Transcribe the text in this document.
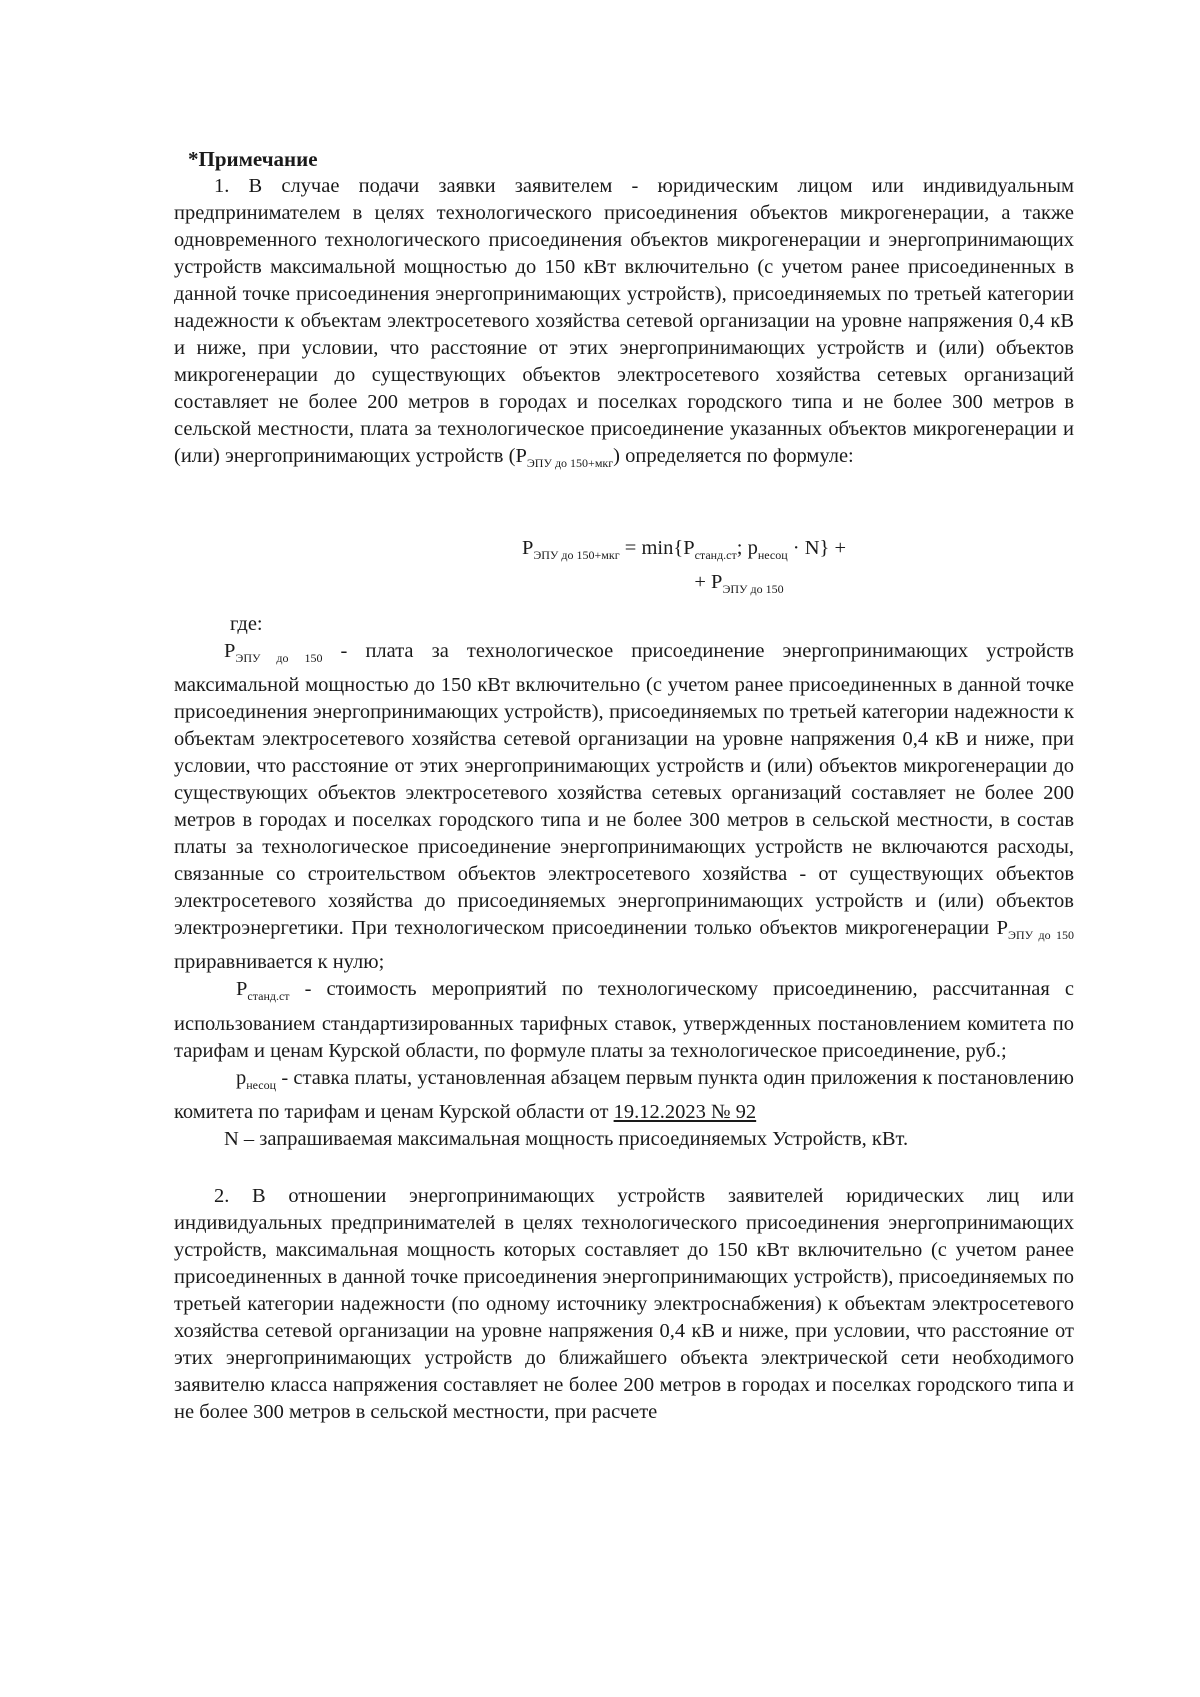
*Примечание

1. В случае подачи заявки заявителем - юридическим лицом или индивидуальным предпринимателем в целях технологического присоединения объектов микрогенерации, а также одновременного технологического присоединения объектов микрогенерации и энергопринимающих устройств максимальной мощностью до 150 кВт включительно (с учетом ранее присоединенных в данной точке присоединения энергопринимающих устройств), присоединяемых по третьей категории надежности к объектам электросетевого хозяйства сетевой организации на уровне напряжения 0,4 кВ и ниже, при условии, что расстояние от этих энергопринимающих устройств и (или) объектов микрогенерации до существующих объектов электросетевого хозяйства сетевых организаций составляет не более 200 метров в городах и поселках городского типа и не более 300 метров в сельской местности, плата за технологическое присоединение указанных объектов микрогенерации и (или) энергопринимающих устройств $(Р_{ЭПУ до 150+мкг})$ определяется по формуле:

$Р_{ЭПУ до 150+мкг} = \min\{Р_{станд.ст}$; $р_{несоц} \cdot N$} +
+ $Р_{ЭПУ до 150}$
где:

$Р_{ЭПУ до 150}$ - плата за технологическое присоединение энергопринимающих устройств максимальной мощностью до 150 кВт включительно (с учетом ранее присоединенных в данной точке присоединения энергопринимающих устройств), присоединяемых по третьей категории надежности к объектам электросетевого хозяйства сетевой организации на уровне напряжения 0,4 кВ и ниже, при условии, что расстояние от этих энергопринимающих устройств и (или) объектов микрогенерации до существующих объектов электросетевого хозяйства сетевых организаций составляет не более 200 метров в городах и поселках городского типа и не более 300 метров в сельской местности, в состав платы за технологическое присоединение энергопринимающих устройств не включаются расходы, связанные со строительством объектов электросетевого хозяйства - от существующих объектов электросетевого хозяйства до присоединяемых энергопринимающих устройств и (или) объектов электроэнергетики. При технологическом присоединении только объектов микрогенерации $Р_{ЭПУ до 150}$ приравнивается к нулю;

$Р_{станд.ст}$ - стоимость мероприятий по технологическому присоединению, рассчитанная с использованием стандартизированных тарифных ставок, утвержденных постановлением комитета по тарифам и ценам Курской области, по формуле платы за технологическое присоединение, руб.;

$р_{несоц}$ - ставка платы, установленная абзацем первым пункта один приложения к постановлению комитета по тарифам и ценам Курской области от 19.12.2023 № 92

N – запрашиваемая максимальная мощность присоединяемых Устройств, кВт.

2. В отношении энергопринимающих устройств заявителей юридических лиц или индивидуальных предпринимателей в целях технологического присоединения энергопринимающих устройств, максимальная мощность которых составляет до 150 кВт включительно (с учетом ранее присоединенных в данной точке присоединения энергопринимающих устройств), присоединяемых по третьей категории надежности (по одному источнику электроснабжения) к объектам электросетевого хозяйства сетевой организации на уровне напряжения 0,4 кВ и ниже, при условии, что расстояние от этих энергопринимающих устройств до ближайшего объекта электрической сети необходимого заявителю класса напряжения составляет не более 200 метров в городах и поселках городского типа и не более 300 метров в сельской местности, при расчете
